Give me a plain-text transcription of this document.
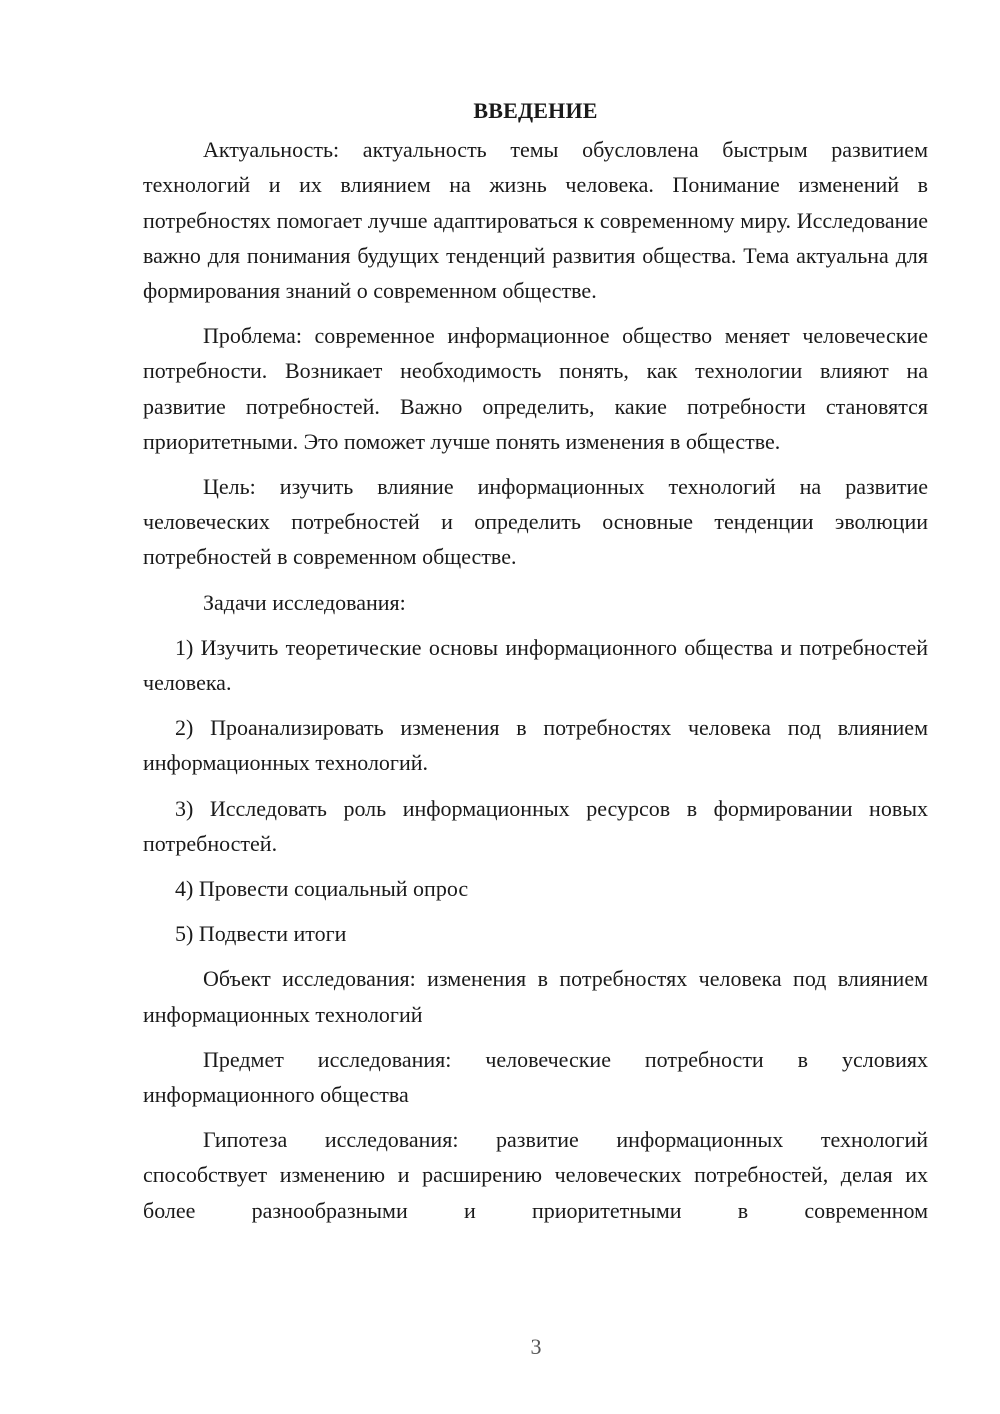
ВВЕДЕНИЕ

Актуальность: актуальность темы обусловлена быстрым развитием технологий и их влиянием на жизнь человека. Понимание изменений в потребностях помогает лучше адаптироваться к современному миру. Исследование важно для понимания будущих тенденций развития общества. Тема актуальна для формирования знаний о современном обществе.

Проблема: современное информационное общество меняет человеческие потребности. Возникает необходимость понять, как технологии влияют на развитие потребностей. Важно определить, какие потребности становятся приоритетными. Это поможет лучше понять изменения в обществе.

Цель: изучить влияние информационных технологий на развитие человеческих потребностей и определить основные тенденции эволюции потребностей в современном обществе.

Задачи исследования:

1) Изучить теоретические основы информационного общества и потребностей человека.

2) Проанализировать изменения в потребностях человека под влиянием информационных технологий.

3) Исследовать роль информационных ресурсов в формировании новых потребностей.

4) Провести социальный опрос

5) Подвести итоги

Объект исследования: изменения в потребностях человека под влиянием информационных технологий

Предмет исследования: человеческие потребности в условиях информационного общества

Гипотеза исследования: развитие информационных технологий способствует изменению и расширению человеческих потребностей, делая их более разнообразными и приоритетными в современном

3
